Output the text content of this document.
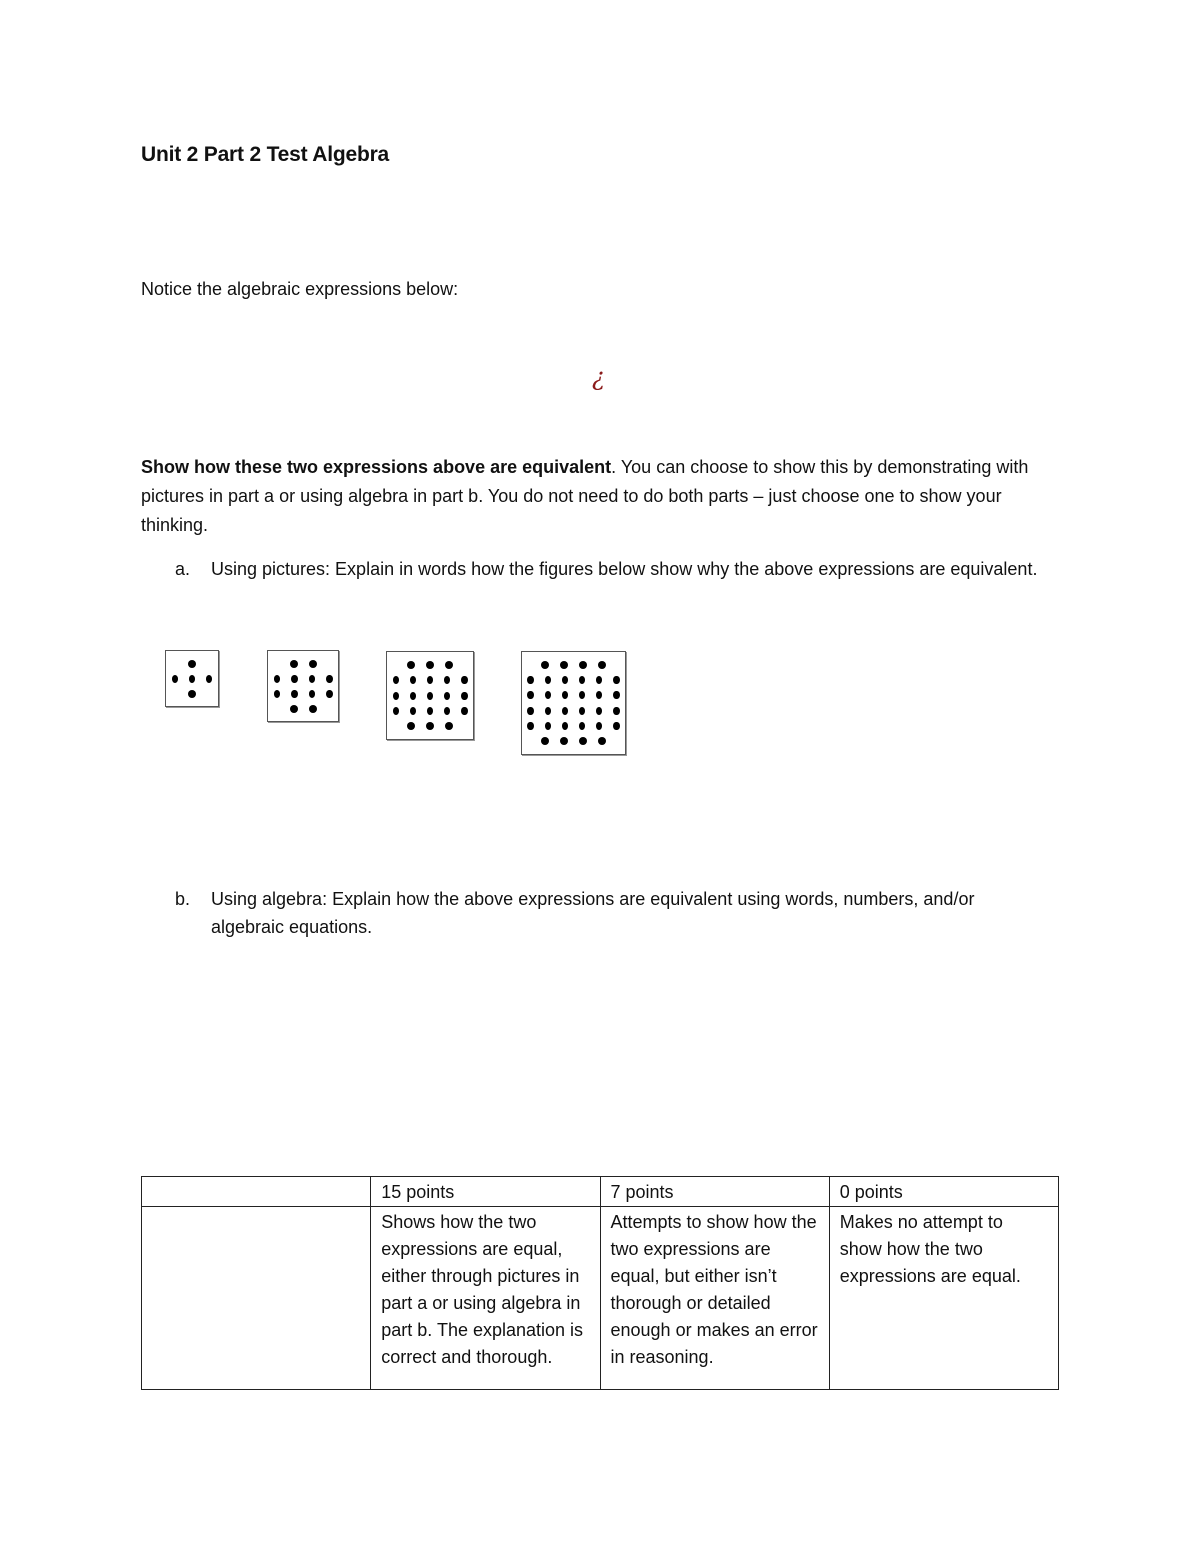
Unit 2 Part 2 Test Algebra
Notice the algebraic expressions below:
¿
Show how these two expressions above are equivalent. You can choose to show this by demonstrating with pictures in part a or using algebra in part b. You do not need to do both parts – just choose one to show your thinking.
a.	Using pictures: Explain in words how the figures below show why the above expressions are equivalent.
b.	Using algebra: Explain how the above expressions are equivalent using words, numbers, and/or algebraic equations.
	15 points	7 points	0 points
	Shows how the two expressions are equal, either through pictures in part a or using algebra in part b. The explanation is correct and thorough.	Attempts to show how the two expressions are equal, but either isn’t thorough or detailed enough or makes an error in reasoning.	Makes no attempt to show how the two expressions are equal.
